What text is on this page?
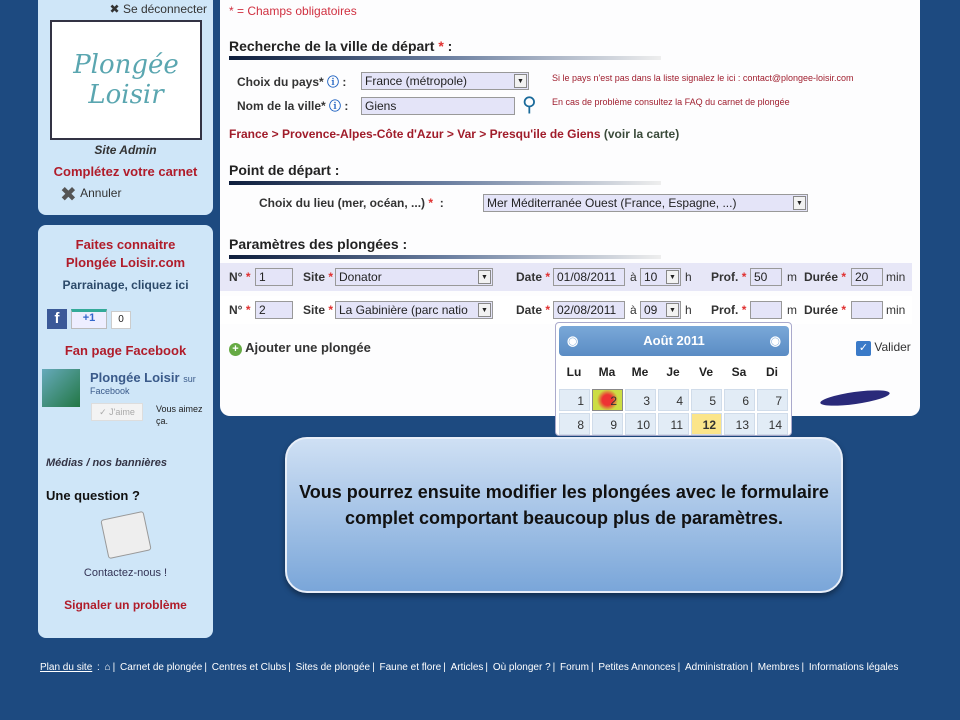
✖ Se déconnecter
Plongée Loisir
Site Admin
Complétez votre carnet
✖ Annuler
Faites connaitre
Plongée Loisir.com
Parrainage, cliquez ici
f	+1	0
Fan page Facebook
Plongée Loisir sur
Facebook
✓ J'aime	Vous aimez ça.
Médias / nos bannières
Une question ?
Contactez-nous !
Signaler un problème
* = Champs obligatoires
Recherche de la ville de départ * :
Choix du pays* ⓘ :	France (métropole)	▼	Si le pays n'est pas dans la liste signalez le ici : contact@plongee-loisir.com
Nom de la ville* ⓘ :	Giens	⚲ En cas de problème consultez la FAQ du carnet de plongée
France > Provence-Alpes-Côte d'Azur > Var > Presqu'ile de Giens (voir la carte)
Point de départ :
Choix du lieu (mer, océan, ...) *  :	Mer Méditerranée Ouest (France, Espagne, ...)	▼
Paramètres des plongées :
N° * 1	Site * Donator	▼ Date * 01/08/2011	à 10	▼ h Prof. * 50	m Durée * 20	min
N° * 2	Site * La Gabinière (parc natio	▼ Date * 02/08/2011	à 09	▼ h Prof. *	m Durée *	min
+ Ajouter une plongée	✓ Valider
◉	Août 2011	◉
Lu	Ma	Me	Je	Ve	Sa	Di
1	2	3	4	5	6	7
8	9	10	11	12	13	14
Vous pourrez ensuite modifier les plongées avec le formulaire complet comportant beaucoup plus de paramètres.
Plan du site : ⌂ | Carnet de plongée | Centres et Clubs | Sites de plongée | Faune et flore | Articles | Où plonger ? | Forum | Petites Annonces | Administration | Membres | Informations légales
